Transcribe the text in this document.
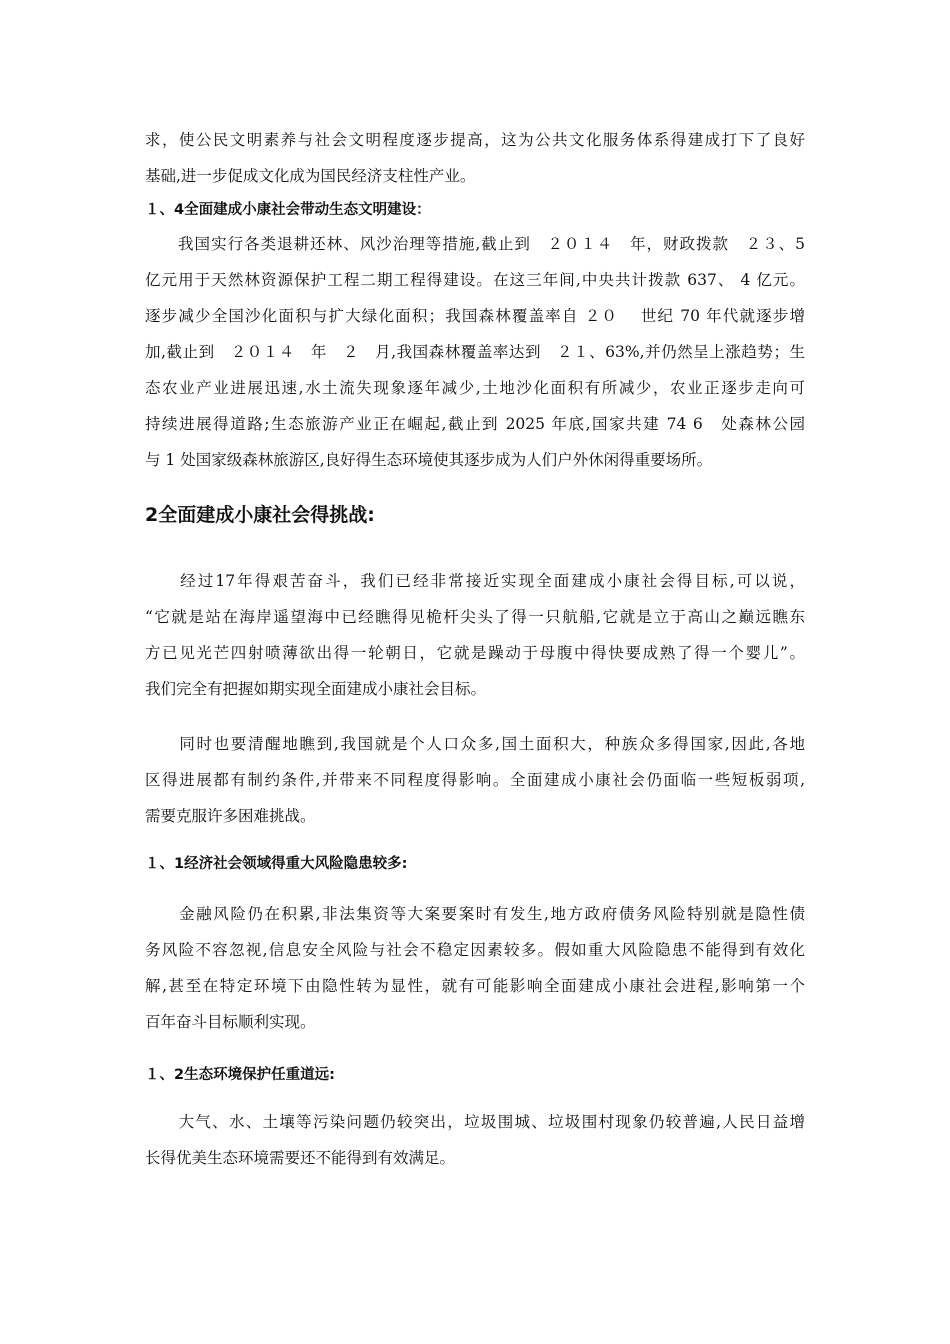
求，使公民文明素养与社会文明程度逐步提高，这为公共文化服务体系得建成打下了良好
基础,进一步促成文化成为国民经济支柱性产业。

１、4全面建成小康社会带动生态文明建设：

　　我国实行各类退耕还林、风沙治理等措施,截止到　２０１４　年，财政拨款　２３、5
亿元用于天然林资源保护工程二期工程得建设。在这三年间,中央共计拨款 637、 4 亿元。
逐步减少全国沙化面积与扩大绿化面积；我国森林覆盖率自 ２０　 世纪 70 年代就逐步增
加,截止到　２０１４　年　２　月,我国森林覆盖率达到　２１、63%,并仍然呈上涨趋势；生
态农业产业进展迅速,水土流失现象逐年减少,土地沙化面积有所减少，农业正逐步走向可
持续进展得道路;生态旅游产业正在崛起,截止到 2025 年底,国家共建 74 6　处森林公园
与 1 处国家级森林旅游区,良好得生态环境使其逐步成为人们户外休闲得重要场所。

2全面建成小康社会得挑战:

　　经过17年得艰苦奋斗，我们已经非常接近实现全面建成小康社会得目标,可以说，
“它就是站在海岸遥望海中已经瞧得见桅杆尖头了得一只航船,它就是立于高山之巅远瞧东
方已见光芒四射喷薄欲出得一轮朝日，它就是躁动于母腹中得快要成熟了得一个婴儿”。
我们完全有把握如期实现全面建成小康社会目标。

　　同时也要清醒地瞧到,我国就是个人口众多,国土面积大，种族众多得国家,因此,各地
区得进展都有制约条件,并带来不同程度得影响。全面建成小康社会仍面临一些短板弱项,
需要克服许多困难挑战。

１、1经济社会领域得重大风险隐患较多:

　　金融风险仍在积累,非法集资等大案要案时有发生,地方政府债务风险特别就是隐性债
务风险不容忽视,信息安全风险与社会不稳定因素较多。假如重大风险隐患不能得到有效化
解,甚至在特定环境下由隐性转为显性，就有可能影响全面建成小康社会进程,影响第一个
百年奋斗目标顺利实现。

１、2生态环境保护任重道远:

　　大气、水、土壤等污染问题仍较突出，垃圾围城、垃圾围村现象仍较普遍,人民日益增
长得优美生态环境需要还不能得到有效满足。
